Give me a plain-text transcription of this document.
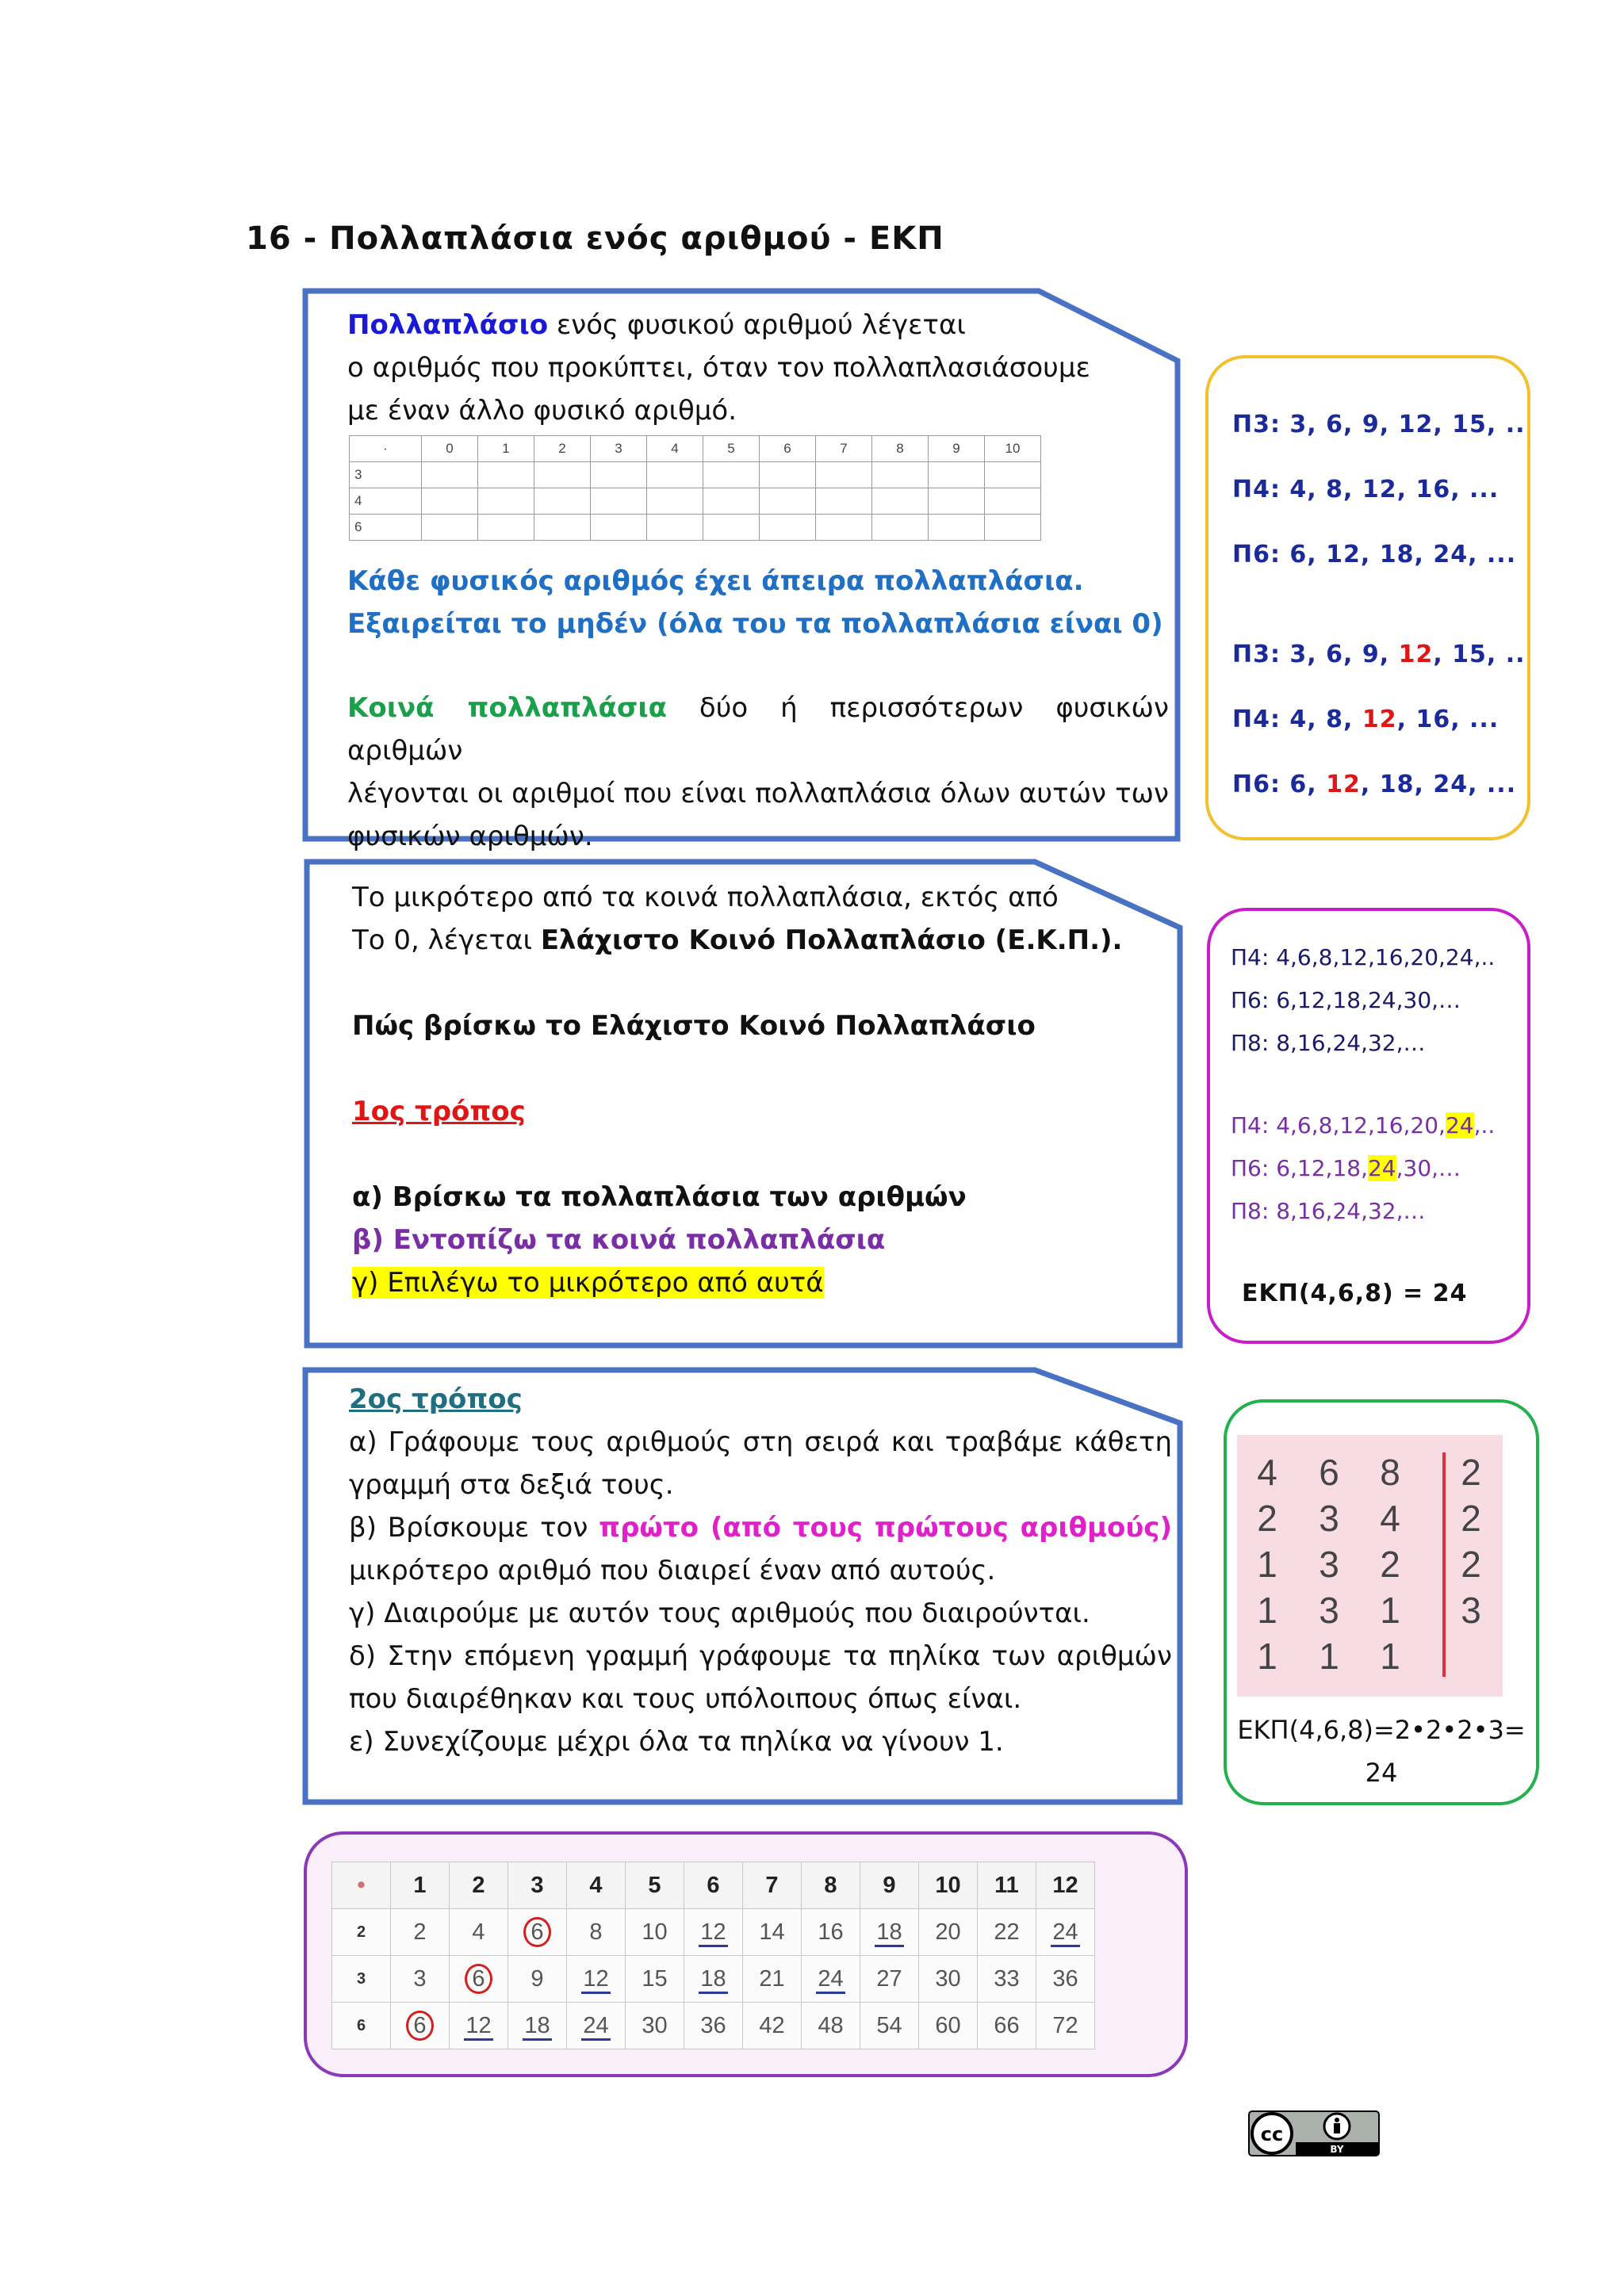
16 - Πολλαπλάσια ενός αριθμού - ΕΚΠ
Πολλαπλάσιο ενός φυσικού αριθμού λέγεται
ο αριθμός που προκύπτει, όταν τον πολλαπλασιάσουμε
με έναν άλλο φυσικό αριθμό.
·	0	1	2	3	4	5	6	7	8	9	10
3											
4											
6											
Κάθε φυσικός αριθμός έχει άπειρα πολλαπλάσια.
Εξαιρείται το μηδέν (όλα του τα πολλαπλάσια είναι 0)
Κοινά πολλαπλάσια δύο ή περισσότερων φυσικών αριθμών
λέγονται οι αριθμοί που είναι πολλαπλάσια όλων αυτών των
φυσικών αριθμών.
Το μικρότερο από τα κοινά πολλαπλάσια, εκτός από
Το 0, λέγεται Ελάχιστο Κοινό Πολλαπλάσιο (Ε.Κ.Π.).
Πώς βρίσκω το Ελάχιστο Κοινό Πολλαπλάσιο
1ος τρόπος
α) Βρίσκω τα πολλαπλάσια των αριθμών
β) Εντοπίζω τα κοινά πολλαπλάσια
γ) Επιλέγω το μικρότερο από αυτά
2ος τρόπος
α) Γράφουμε τους αριθμούς στη σειρά και τραβάμε κάθετη
γραμμή στα δεξιά τους.
β) Βρίσκουμε τον πρώτο (από τους πρώτους αριθμούς)
μικρότερο αριθμό που διαιρεί έναν από αυτούς.
γ) Διαιρούμε με αυτόν τους αριθμούς που διαιρούνται.
δ) Στην επόμενη γραμμή γράφουμε τα πηλίκα των αριθμών
που διαιρέθηκαν και τους υπόλοιπους όπως είναι.
ε) Συνεχίζουμε μέχρι όλα τα πηλίκα να γίνουν 1.
Π3: 3, 6, 9, 12, 15, ..
Π4: 4, 8, 12, 16, ...
Π6: 6, 12, 18, 24, ...
Π3: 3, 6, 9, 12, 15, ..
Π4: 4, 8, 12, 16, ...
Π6: 6, 12, 18, 24, ...
Π4: 4,6,8,12,16,20,24,..
Π6: 6,12,18,24,30,…
Π8: 8,16,24,32,…
Π4: 4,6,8,12,16,20,24,..
Π6: 6,12,18,24,30,…
Π8: 8,16,24,32,…
ΕΚΠ(4,6,8) = 24
4 6 8 2
2 3 4 2
1 3 2 2
1 3 1 3
1 1 1
ΕΚΠ(4,6,8)=2•2•2•3=
24
•	1	2	3	4	5	6	7	8	9	10	11	12
2	2	4	6	8	10	12	14	16	18	20	22	24
3	3	6	9	12	15	18	21	24	27	30	33	36
6	6	12	18	24	30	36	42	48	54	60	66	72
cc
BY
